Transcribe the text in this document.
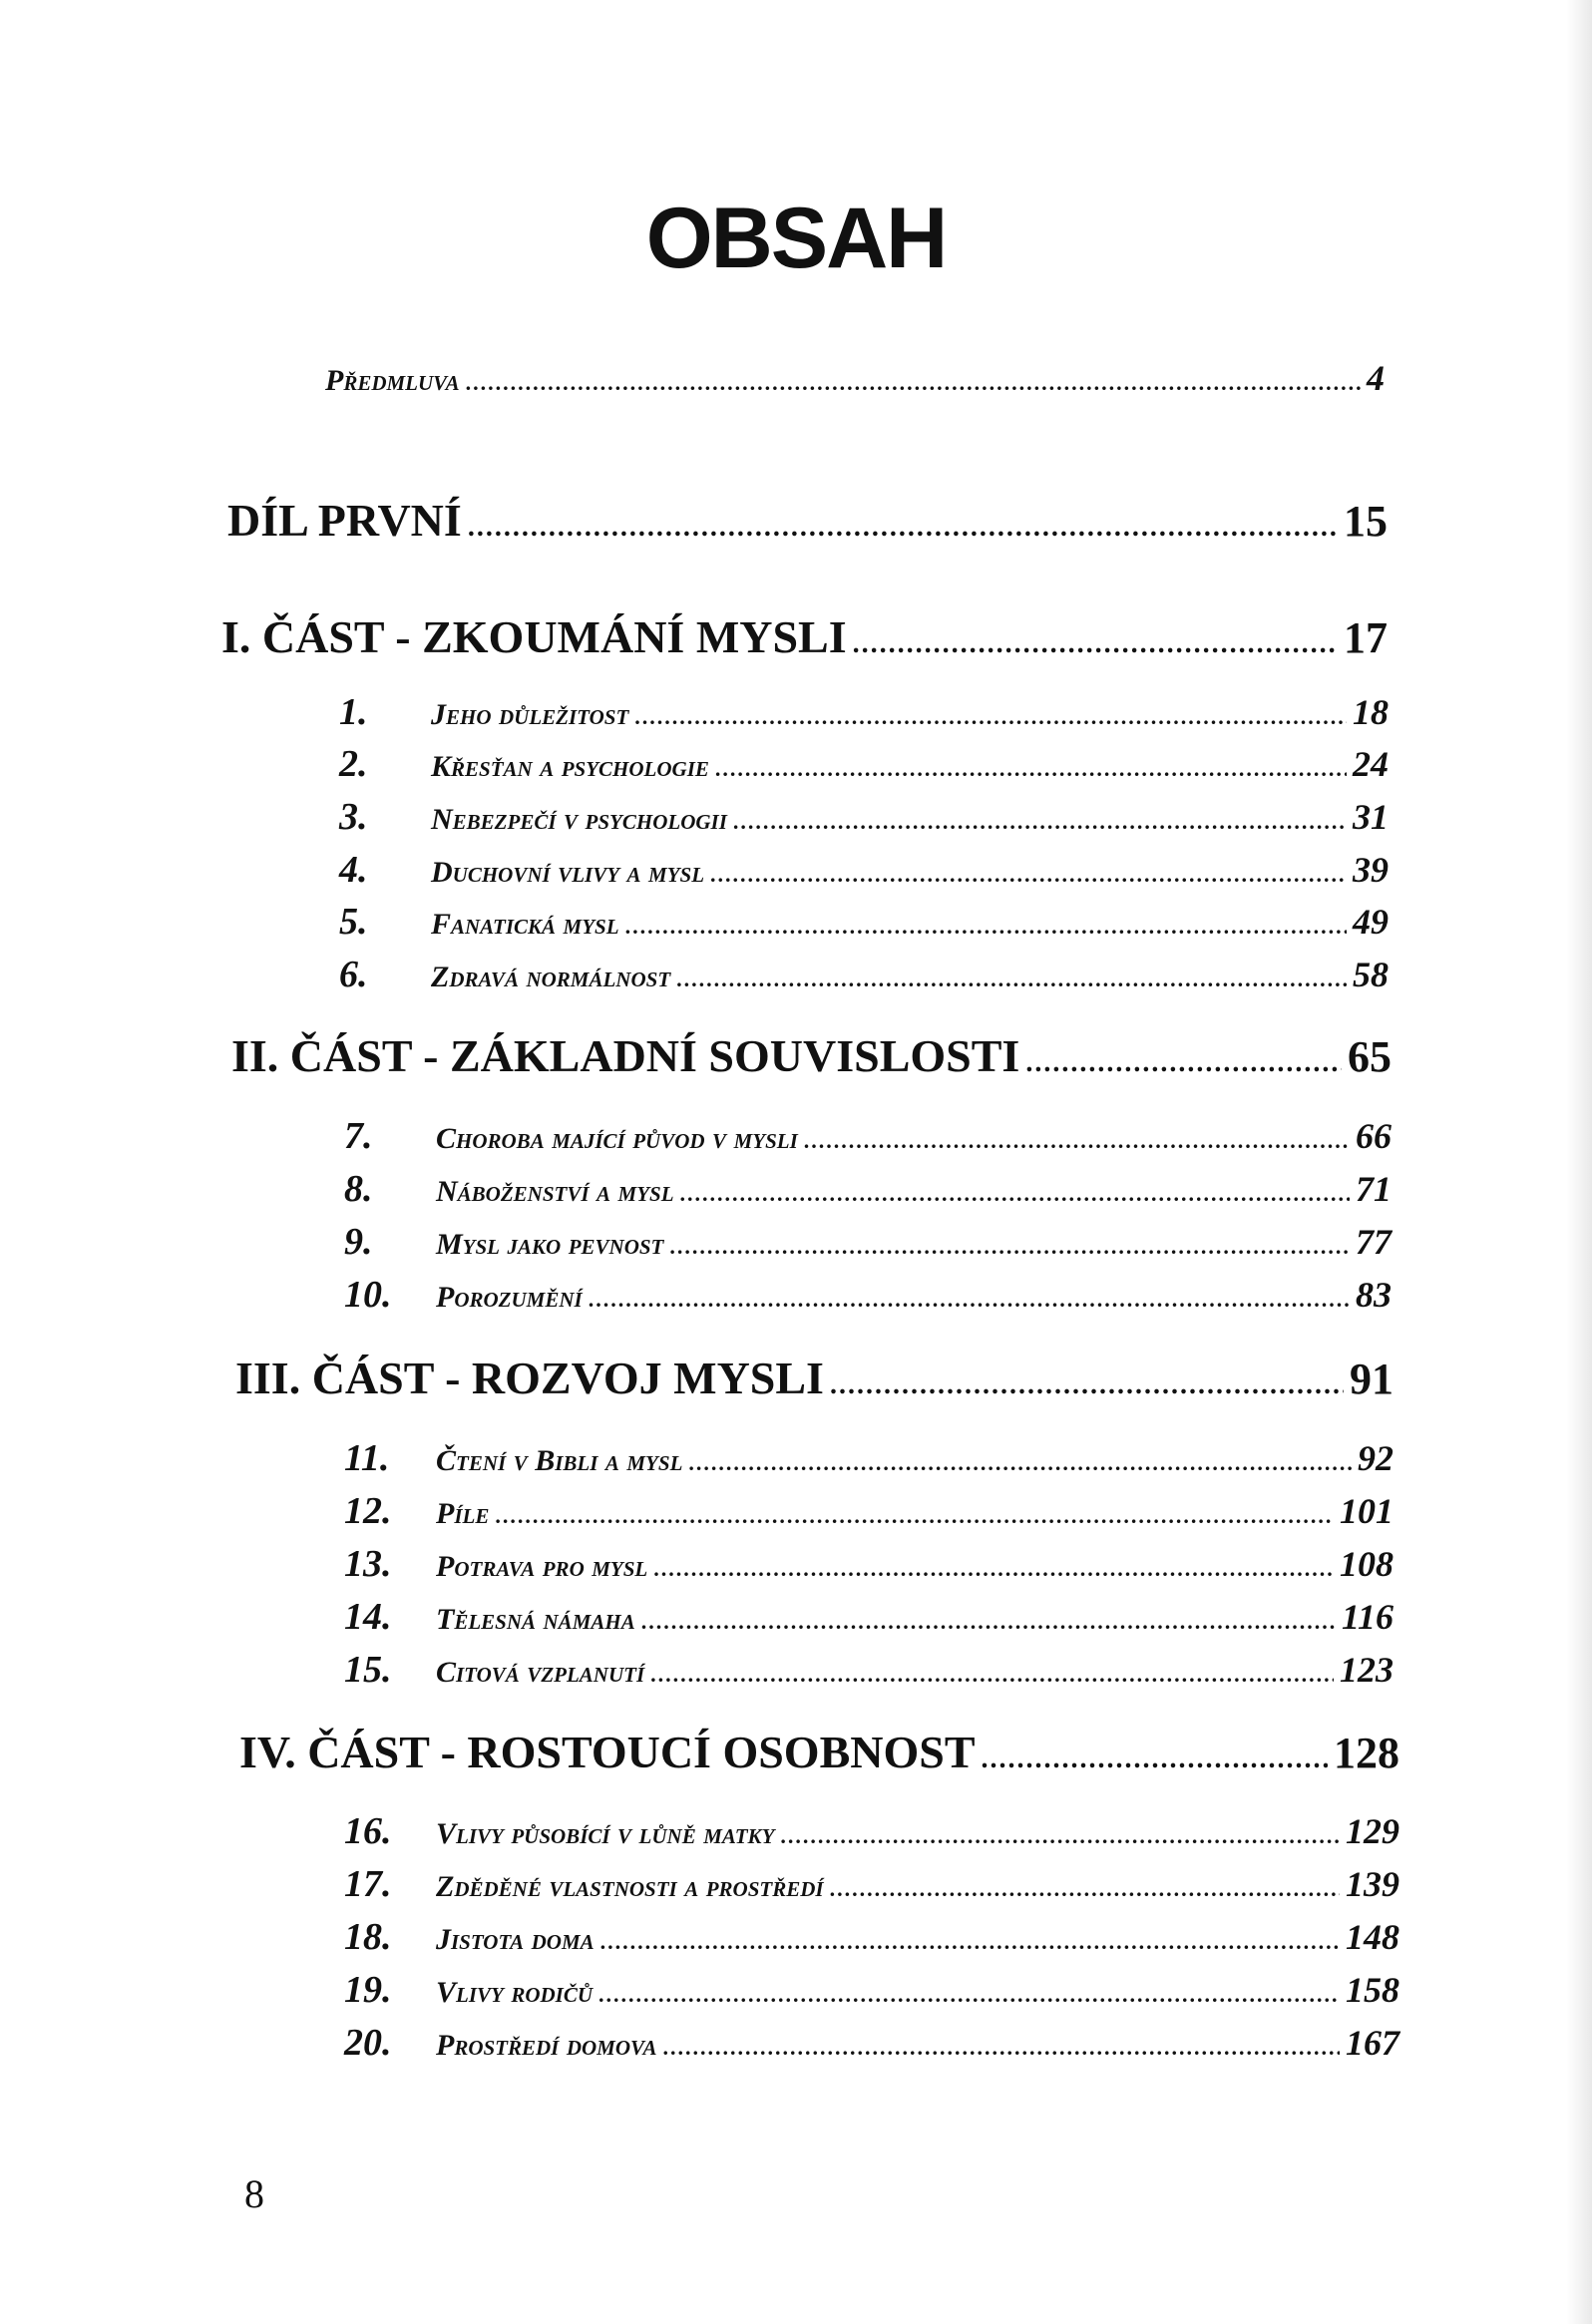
OBSAH
Předmluva .....	4
DÍL PRVNÍ .....	15
I. ČÁST - ZKOUMÁNÍ MYSLI .....	17
1.	Jeho důležitost .....	18
2.	Křesťan a psychologie .....	24
3.	Nebezpečí v psychologii .....	31
4.	Duchovní vlivy a mysl .....	39
5.	Fanatická mysl .....	49
6.	Zdravá normálnost .....	58
II. ČÁST - ZÁKLADNÍ SOUVISLOSTI .....	65
7.	Choroba mající původ v mysli .....	66
8.	Náboženství a mysl .....	71
9.	Mysl jako pevnost .....	77
10.	Porozumění .....	83
III. ČÁST - ROZVOJ MYSLI .....	91
11.	Čtení v Bibli a mysl .....	92
12.	Píle .....	101
13.	Potrava pro mysl .....	108
14.	Tělesná námaha .....	116
15.	Citová vzplanutí .....	123
IV. ČÁST - ROSTOUCÍ OSOBNOST .....	128
16.	Vlivy působící v lůně matky .....	129
17.	Zděděné vlastnosti a prostředí .....	139
18.	Jistota doma .....	148
19.	Vlivy rodičů .....	158
20.	Prostředí domova .....	167
8
